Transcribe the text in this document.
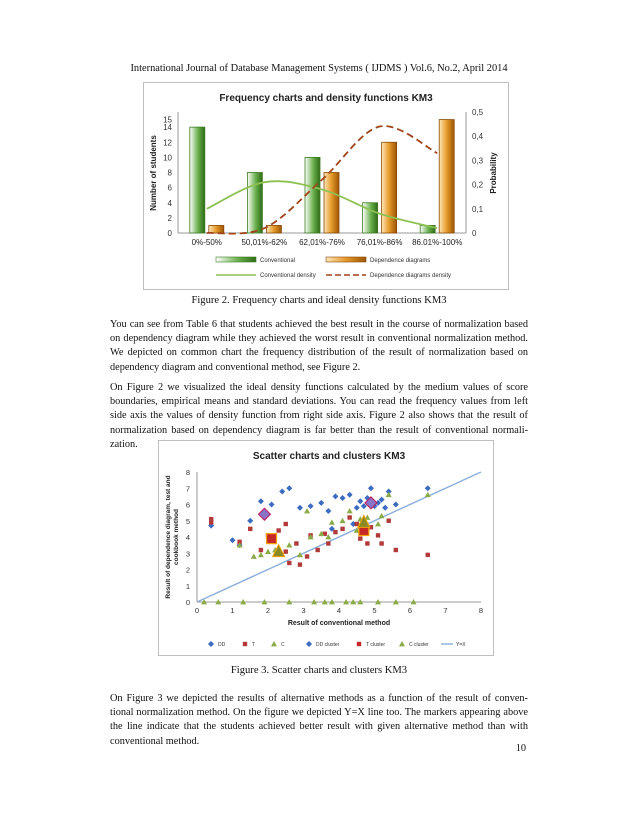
International Journal of Database Management Systems ( IJDMS ) Vol.6, No.2, April 2014
Frequency charts and density functions KM3
0
2
4
6
8
10
12
14
15
0
0,1
0,2
0,3
0,4
0,5
Number of students	Probability
0%-50% 50,01%-62% 62,01%-76% 76,01%-86% 86.01%-100%
Conventional	Dependence diagrams
Conventional density	Dependence diagrams density
Figure 2. Frequency charts and ideal density functions KM3
You can see from Table 6 that students achieved the best result in the course of normalization based on dependency diagram while they achieved the worst result in conventional normalization method. We depicted on common chart the frequency distribution of the result of normalization based on dependency diagram and conventional method, see Figure 2.
On Figure 2 we visualized the ideal density functions calculated by the medium values of score boundaries, empirical means and standard deviations. You can read the frequency values from left side axis the values of density function from right side axis. Figure 2 also shows that the result of normalization based on dependency diagram is far better than the result of conventional normali-zation.
Scatter charts and clusters KM3
0
1
2
3
4
5
6
7
8
0	1	2	3	4	5	6	7	8
Result of conventional method
Result of dependence diagram, test and cookbook method
DD	T	C	DD cluster	T cluster	C cluster	Y=X
Figure 3. Scatter charts and clusters KM3
On Figure 3 we depicted the results of alternative methods as a function of the result of conven-tional normalization method. On the figure we depicted Y=X line too. The markers appearing above the line indicate that the students achieved better result with given alternative method than with conventional method.
10
